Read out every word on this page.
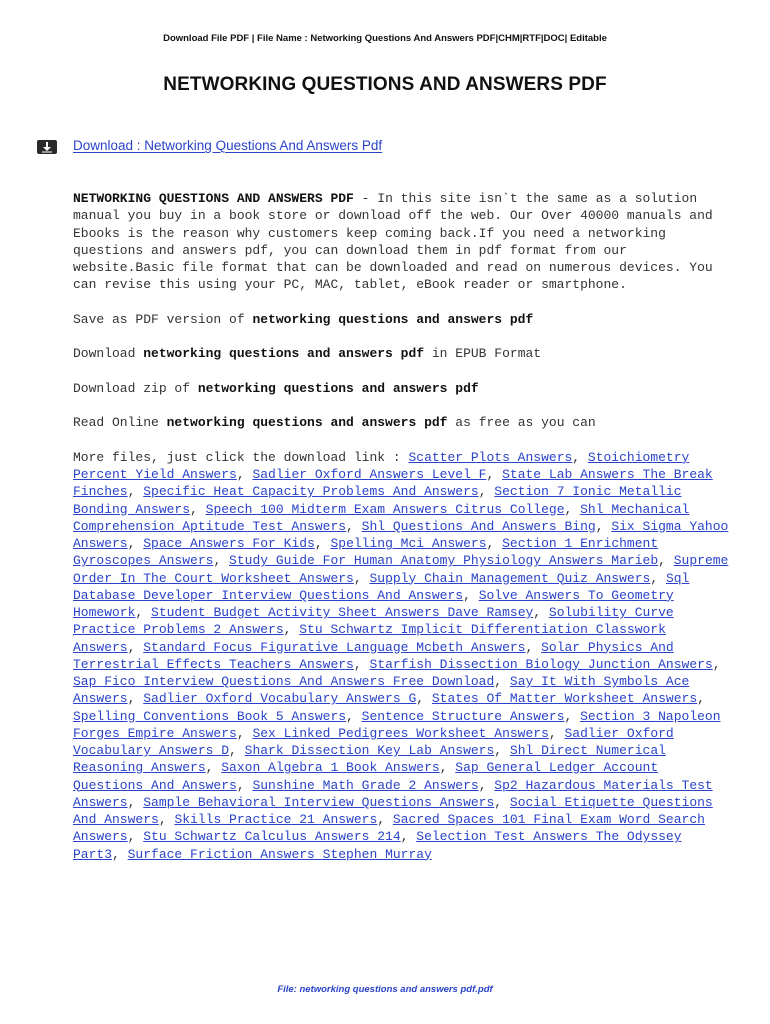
Download File PDF | File Name : Networking Questions And Answers PDF|CHM|RTF|DOC| Editable
NETWORKING QUESTIONS AND ANSWERS PDF
Download : Networking Questions And Answers Pdf

NETWORKING QUESTIONS AND ANSWERS PDF - In this site isn`t the same as a solution manual you buy in a book store or download off the web. Our Over 40000 manuals and Ebooks is the reason why customers keep coming back.If you need a networking questions and answers pdf, you can download them in pdf format from our website.Basic file format that can be downloaded and read on numerous devices. You can revise this using your PC, MAC, tablet, eBook reader or smartphone.

Save as PDF version of networking questions and answers pdf

Download networking questions and answers pdf in EPUB Format

Download zip of networking questions and answers pdf

Read Online networking questions and answers pdf as free as you can

More files, just click the download link : Scatter Plots Answers, Stoichiometry Percent Yield Answers, Sadlier Oxford Answers Level F, State Lab Answers The Break Finches, Specific Heat Capacity Problems And Answers, Section 7 Ionic Metallic Bonding Answers, Speech 100 Midterm Exam Answers Citrus College, Shl Mechanical Comprehension Aptitude Test Answers, Shl Questions And Answers Bing, Six Sigma Yahoo Answers, Space Answers For Kids, Spelling Mci Answers, Section 1 Enrichment Gyroscopes Answers, Study Guide For Human Anatomy Physiology Answers Marieb, Supreme Order In The Court Worksheet Answers, Supply Chain Management Quiz Answers, Sql Database Developer Interview Questions And Answers, Solve Answers To Geometry Homework, Student Budget Activity Sheet Answers Dave Ramsey, Solubility Curve Practice Problems 2 Answers, Stu Schwartz Implicit Differentiation Classwork Answers, Standard Focus Figurative Language Mcbeth Answers, Solar Physics And Terrestrial Effects Teachers Answers, Starfish Dissection Biology Junction Answers, Sap Fico Interview Questions And Answers Free Download, Say It With Symbols Ace Answers, Sadlier Oxford Vocabulary Answers G, States Of Matter Worksheet Answers, Spelling Conventions Book 5 Answers, Sentence Structure Answers, Section 3 Napoleon Forges Empire Answers, Sex Linked Pedigrees Worksheet Answers, Sadlier Oxford Vocabulary Answers D, Shark Dissection Key Lab Answers, Shl Direct Numerical Reasoning Answers, Saxon Algebra 1 Book Answers, Sap General Ledger Account Questions And Answers, Sunshine Math Grade 2 Answers, Sp2 Hazardous Materials Test Answers, Sample Behavioral Interview Questions Answers, Social Etiquette Questions And Answers, Skills Practice 21 Answers, Sacred Spaces 101 Final Exam Word Search Answers, Stu Schwartz Calculus Answers 214, Selection Test Answers The Odyssey Part3, Surface Friction Answers Stephen Murray

File: networking questions and answers pdf.pdf
